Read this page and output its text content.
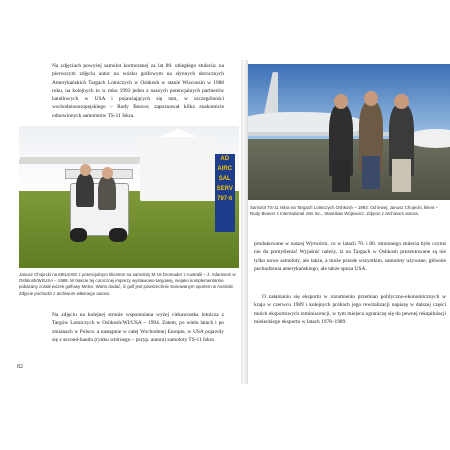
Na zdjęciach powyżej samolot kormoranej za lat 80. ubiegłego stulecia: na pierwszym zdjęciu autor na wózku golfowym na słynnych dorocznych Amerykańskich Targach Lotniczych w Oshkosh w stanie Wisconsin w 1988 roku, na kolejnych to w roku 1993 jeden z naszych potencjalnych partnerów handlowych w USA i pojawiających się tam, w szczególności wschodnioeuropejskiego – Rudy Beaver, zapoznawał kilka znakomicie odnowionych samolotów TS-11 Iskra.

AD
AIRC
SAL
SERV
797-6

Janusz Chojecki na MELEXIE z potencjalnym klientem na samoloty M-18 Dromader z Australii – J. Adamsem w Oshkosh/WI/USA – 1988. W trakcie tej corocznej imprezy wystawowo-targowej, niejako komplementarnie pokazany został wózek golfowy Melex. Warto dodać, iż golf jest powszechnie stosowanym sportem w Australii. Zdjęcie pochodzi z archiwum własnego autora.

Na zdjęciu na kolejnej stronie wspomniana wyżej ciekawostka lotnicza z Targów Lotniczych w Oshkosh/WI/USA – 1994. Zatem, po wielu latach i po zmianach w Polsce, a następnie w całej Wschodniej Europie, w USA pojawiły się z second-handu (rynku wtórnego – przyp. autora) samoloty TS-11 Iskra

82

Samolot TS-11 Iskra na Targach Lotniczych Oshkosh – 1993. Od lewej: Janusz Chojecki, klient – Rudy Beaver z International Jets Inc., Stanisław Wójtowicz. Zdjęcie z archiwum autora.

produkowane w naszej Wytwórni, co w latach 70. i 80. minionego stulecia było czymś nie do pomyślenia! Wyjaśnić należy, iż na Targach w Oshkosh prezentowane są nie tylko nowe samoloty, ale także, a może przede wszystkim, samoloty używane, głównie pochodzenia amerykańskiego, ale także spoza USA.

O załamaniu się eksportu w rozumieniu przemian polityczno-ekonomicznych w kraju w czerwcu 1989 i kolejnych próbach jego rewitalizacji napiszę w dalszej części moich eksportowych reminiscencji, w tym miejscu ograniczę się do pewnej rekapitulacji mieleckiego eksportu w latach 1978–1989.
